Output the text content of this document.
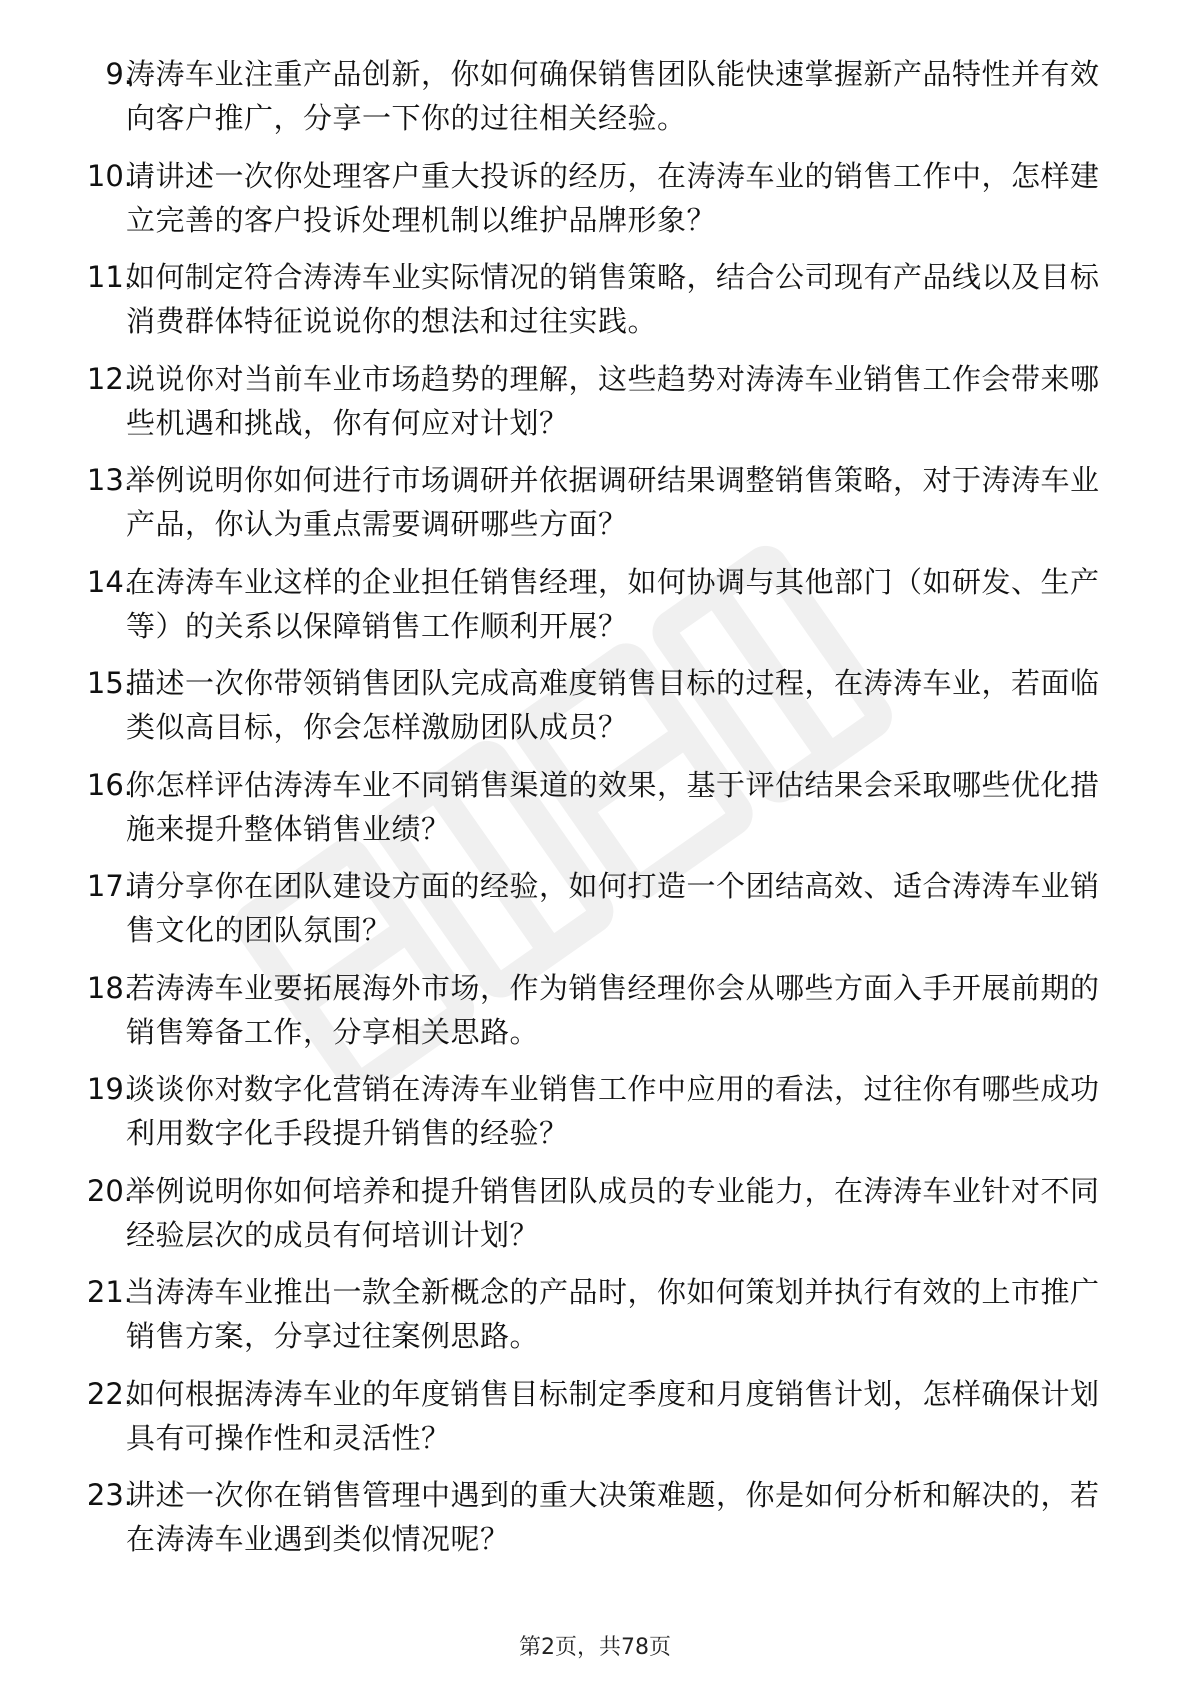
9.
涛涛车业注重产品创新，你如何确保销售团队能快速掌握新产品特性并有效向客户推广，分享一下你的过往相关经验。
10.
请讲述一次你处理客户重大投诉的经历，在涛涛车业的销售工作中，怎样建立完善的客户投诉处理机制以维护品牌形象？
11.
如何制定符合涛涛车业实际情况的销售策略，结合公司现有产品线以及目标消费群体特征说说你的想法和过往实践。
12.
说说你对当前车业市场趋势的理解，这些趋势对涛涛车业销售工作会带来哪些机遇和挑战，你有何应对计划？
13.
举例说明你如何进行市场调研并依据调研结果调整销售策略，对于涛涛车业产品，你认为重点需要调研哪些方面？
14.
在涛涛车业这样的企业担任销售经理，如何协调与其他部门（如研发、生产等）的关系以保障销售工作顺利开展？
15.
描述一次你带领销售团队完成高难度销售目标的过程，在涛涛车业，若面临类似高目标，你会怎样激励团队成员？
16.
你怎样评估涛涛车业不同销售渠道的效果，基于评估结果会采取哪些优化措施来提升整体销售业绩？
17.
请分享你在团队建设方面的经验，如何打造一个团结高效、适合涛涛车业销售文化的团队氛围？
18.
若涛涛车业要拓展海外市场，作为销售经理你会从哪些方面入手开展前期的销售筹备工作，分享相关思路。
19.
谈谈你对数字化营销在涛涛车业销售工作中应用的看法，过往你有哪些成功利用数字化手段提升销售的经验？
20.
举例说明你如何培养和提升销售团队成员的专业能力，在涛涛车业针对不同经验层次的成员有何培训计划？
21.
当涛涛车业推出一款全新概念的产品时，你如何策划并执行有效的上市推广销售方案，分享过往案例思路。
22.
如何根据涛涛车业的年度销售目标制定季度和月度销售计划，怎样确保计划具有可操作性和灵活性？
23.
讲述一次你在销售管理中遇到的重大决策难题，你是如何分析和解决的，若在涛涛车业遇到类似情况呢？
第2页，共78页
